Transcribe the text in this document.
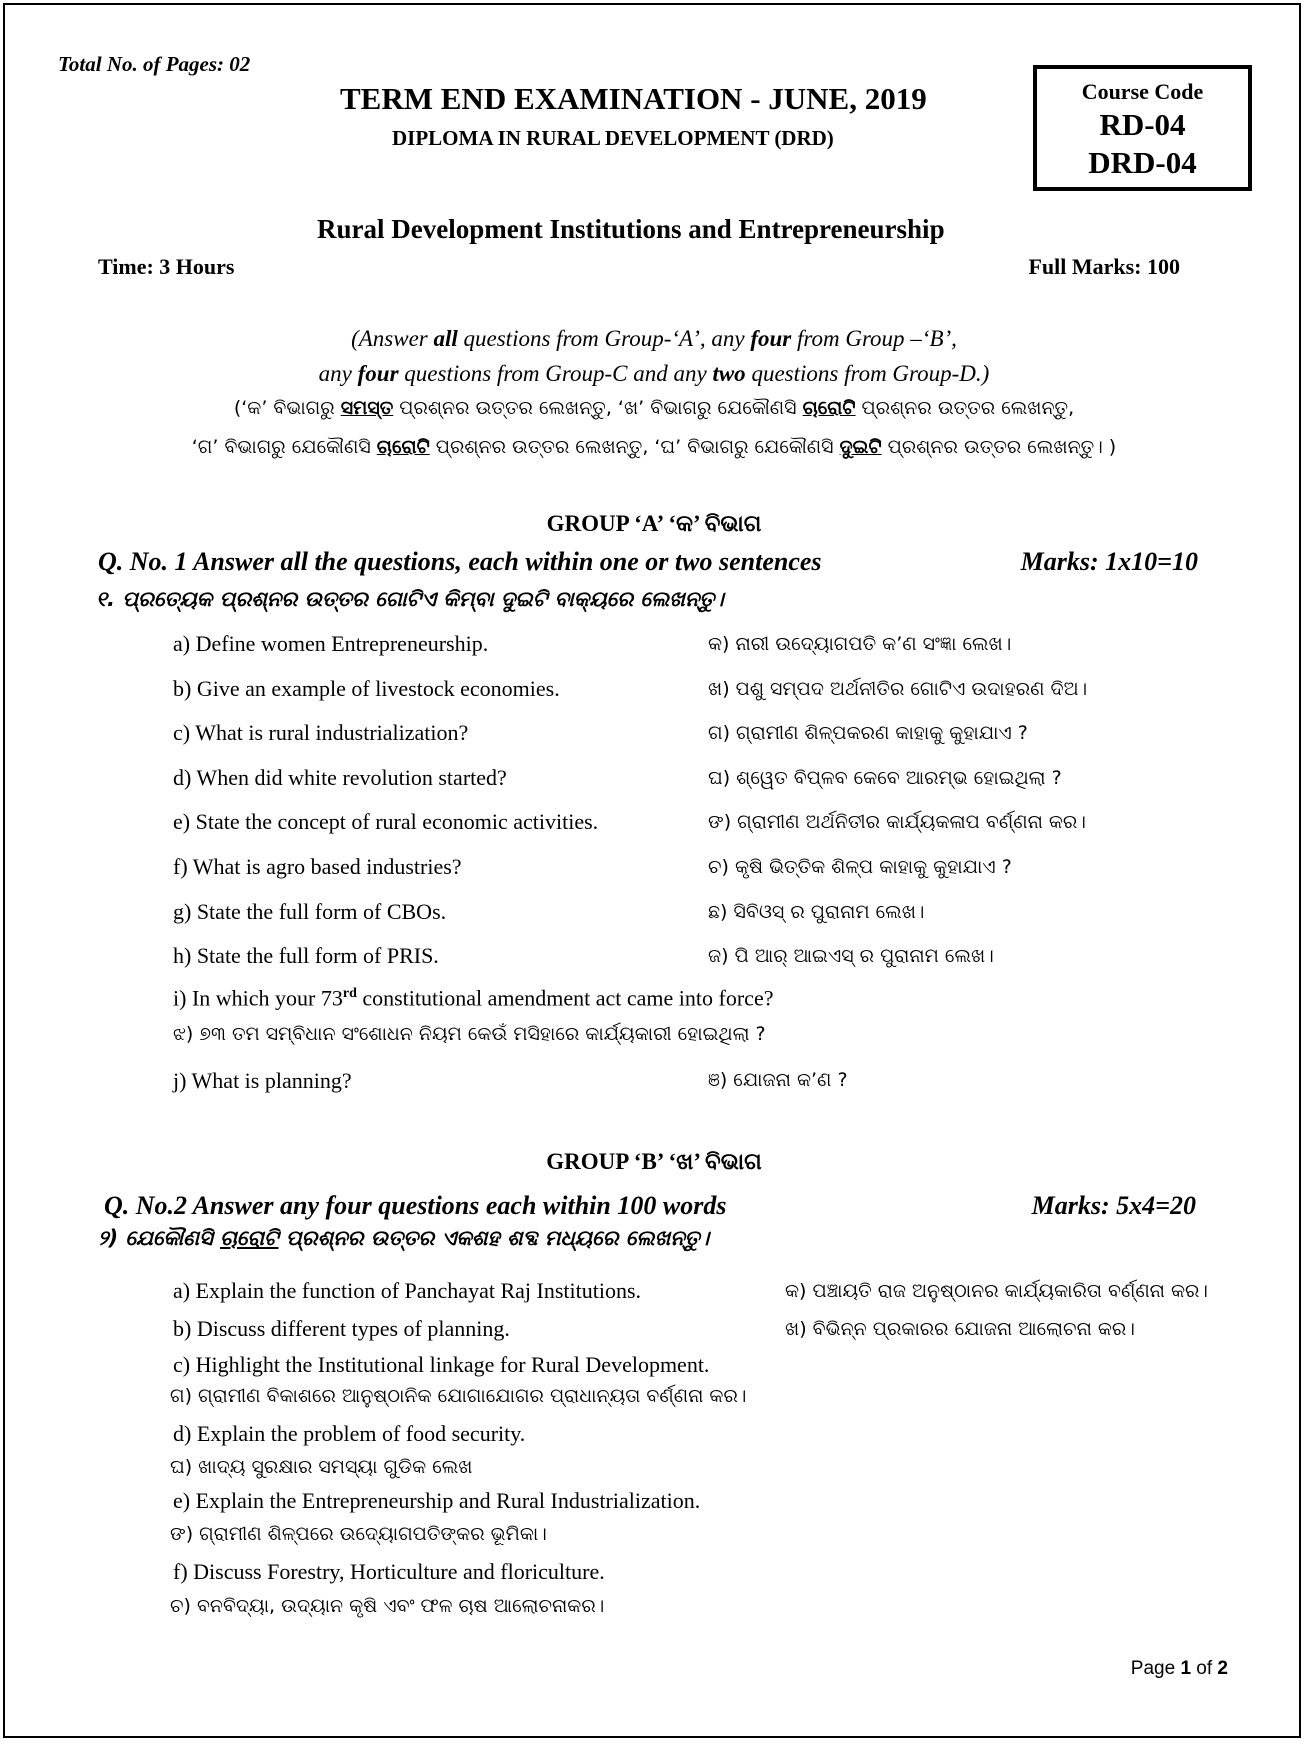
Total No. of Pages: 02
TERM END EXAMINATION - JUNE, 2019
DIPLOMA IN RURAL DEVELOPMENT (DRD)
Course Code
RD-04
DRD-04
Rural Development Institutions and Entrepreneurship
Time: 3 Hours	Full Marks: 100
(Answer all questions from Group-‘A’, any four from Group –‘B’,
any four questions from Group-C and any two questions from Group-D.)
(‘କ’ ବିଭାଗରୁ ସମସ୍ତ ପ୍ରଶ୍ନର ଉତ୍ତର ଲେଖନ୍ତୁ, ‘ଖ’ ବିଭାଗରୁ ଯେକୌଣସି ଚାରୋଟି ପ୍ରଶ୍ନର ଉତ୍ତର ଲେଖନ୍ତୁ,
‘ଗ’ ବିଭାଗରୁ ଯେକୌଣସି ଚାରୋଟି ପ୍ରଶ୍ନର ଉତ୍ତର ଲେଖନ୍ତୁ, ‘ଘ’ ବିଭାଗରୁ ଯେକୌଣସି ଦୁଇଟି ପ୍ରଶ୍ନର ଉତ୍ତର ଲେଖନ୍ତୁ। )
GROUP ‘A’ ‘କ’ ବିଭାଗ
Q. No. 1 Answer all the questions, each within one or two sentences	Marks: 1x10=10
୧. ପ୍ରତ୍ୟେକ ପ୍ରଶ୍ନର ଉତ୍ତର ଗୋଟିଏ କିମ୍ବା ଦୁଇଟି ବାକ୍ୟରେ ଲେଖନ୍ତୁ।
a) Define women Entrepreneurship.	କ) ନାରୀ ଉଦ୍ୟୋଗପତି କ’ଣ ସଂଜ୍ଞା ଲେଖ।
b) Give an example of livestock economies.	ଖ) ପଶୁ ସମ୍ପଦ ଅର୍ଥନୀତିର ଗୋଟିଏ ଉଦାହରଣ ଦିଅ।
c) What is rural industrialization?	ଗ) ଗ୍ରାମୀଣ ଶିଳ୍ପକରଣ କାହାକୁ କୁହାଯାଏ ?
d) When did white revolution started?	ଘ) ଶ୍ୱେତ ବିପ୍ଳବ କେବେ ଆରମ୍ଭ ହୋଇଥିଲା ?
e) State the concept of rural economic activities.	ଙ) ଗ୍ରାମୀଣ ଅର୍ଥନିତୀର କାର୍ଯ୍ୟକଳାପ ବର୍ଣ୍ଣନା କର।
f) What is agro based industries?	ଚ) କୃଷି ଭିତ୍ତିକ ଶିଳ୍ପ କାହାକୁ କୁହାଯାଏ ?
g) State the full form of CBOs.	ଛ) ସିବିଓସ୍ ର ପୁରାନାମ ଲେଖ।
h) State the full form of PRIS.	ଜ) ପି ଆର୍ ଆଇଏସ୍ ର ପୁରାନାମ ଲେଖ।
i) In which your 73rd constitutional amendment act came into force?
ଝ) ୭୩ ତମ ସମ୍ବିଧାନ ସଂଶୋଧନ ନିୟମ କେଉଁ ମସିହାରେ କାର୍ଯ୍ୟକାରୀ ହୋଇଥିଲା ?
j) What is planning?	ଞ) ଯୋଜନା କ’ଣ ?
GROUP ‘B’ ‘ଖ’ ବିଭାଗ
Q. No.2 Answer any four questions each within 100 words	Marks: 5x4=20
୨) ଯେକୌଣସି ଚାରୋଟି ପ୍ରଶ୍ନର ଉତ୍ତର ଏକଶହ ଶବ୍ଦ ମଧ୍ୟରେ ଲେଖନ୍ତୁ।
a) Explain the function of Panchayat Raj Institutions.	କ) ପଞ୍ଚାୟତି ରାଜ ଅନୁଷ୍ଠାନର କାର୍ଯ୍ୟକାରିତା ବର୍ଣ୍ଣନା କର।
b) Discuss different types of planning.	ଖ) ବିଭିନ୍ନ ପ୍ରକାରର ଯୋଜନା ଆଲୋଚନା କର।
c) Highlight the Institutional linkage for Rural Development.
ଗ) ଗ୍ରାମୀଣ ବିକାଶରେ ଆନୁଷ୍ଠାନିକ ଯୋଗାଯୋଗର ପ୍ରାଧାନ୍ୟତା ବର୍ଣ୍ଣନା କର।
d) Explain the problem of food security.
ଘ) ଖାଦ୍ୟ ସୁରକ୍ଷାର ସମସ୍ୟା ଗୁଡିକ ଲେଖ
e) Explain the Entrepreneurship and Rural Industrialization.
ଙ) ଗ୍ରାମୀଣ ଶିଳ୍ପରେ ଉଦ୍ୟୋଗପତିଙ୍କର ଭୂମିକା।
f) Discuss Forestry, Horticulture and floriculture.
ଚ) ବନବିଦ୍ୟା, ଉଦ୍ୟାନ କୃଷି ଏବଂ ଫଳ ଚାଷ ଆଲୋଚନାକର।
Page 1 of 2
